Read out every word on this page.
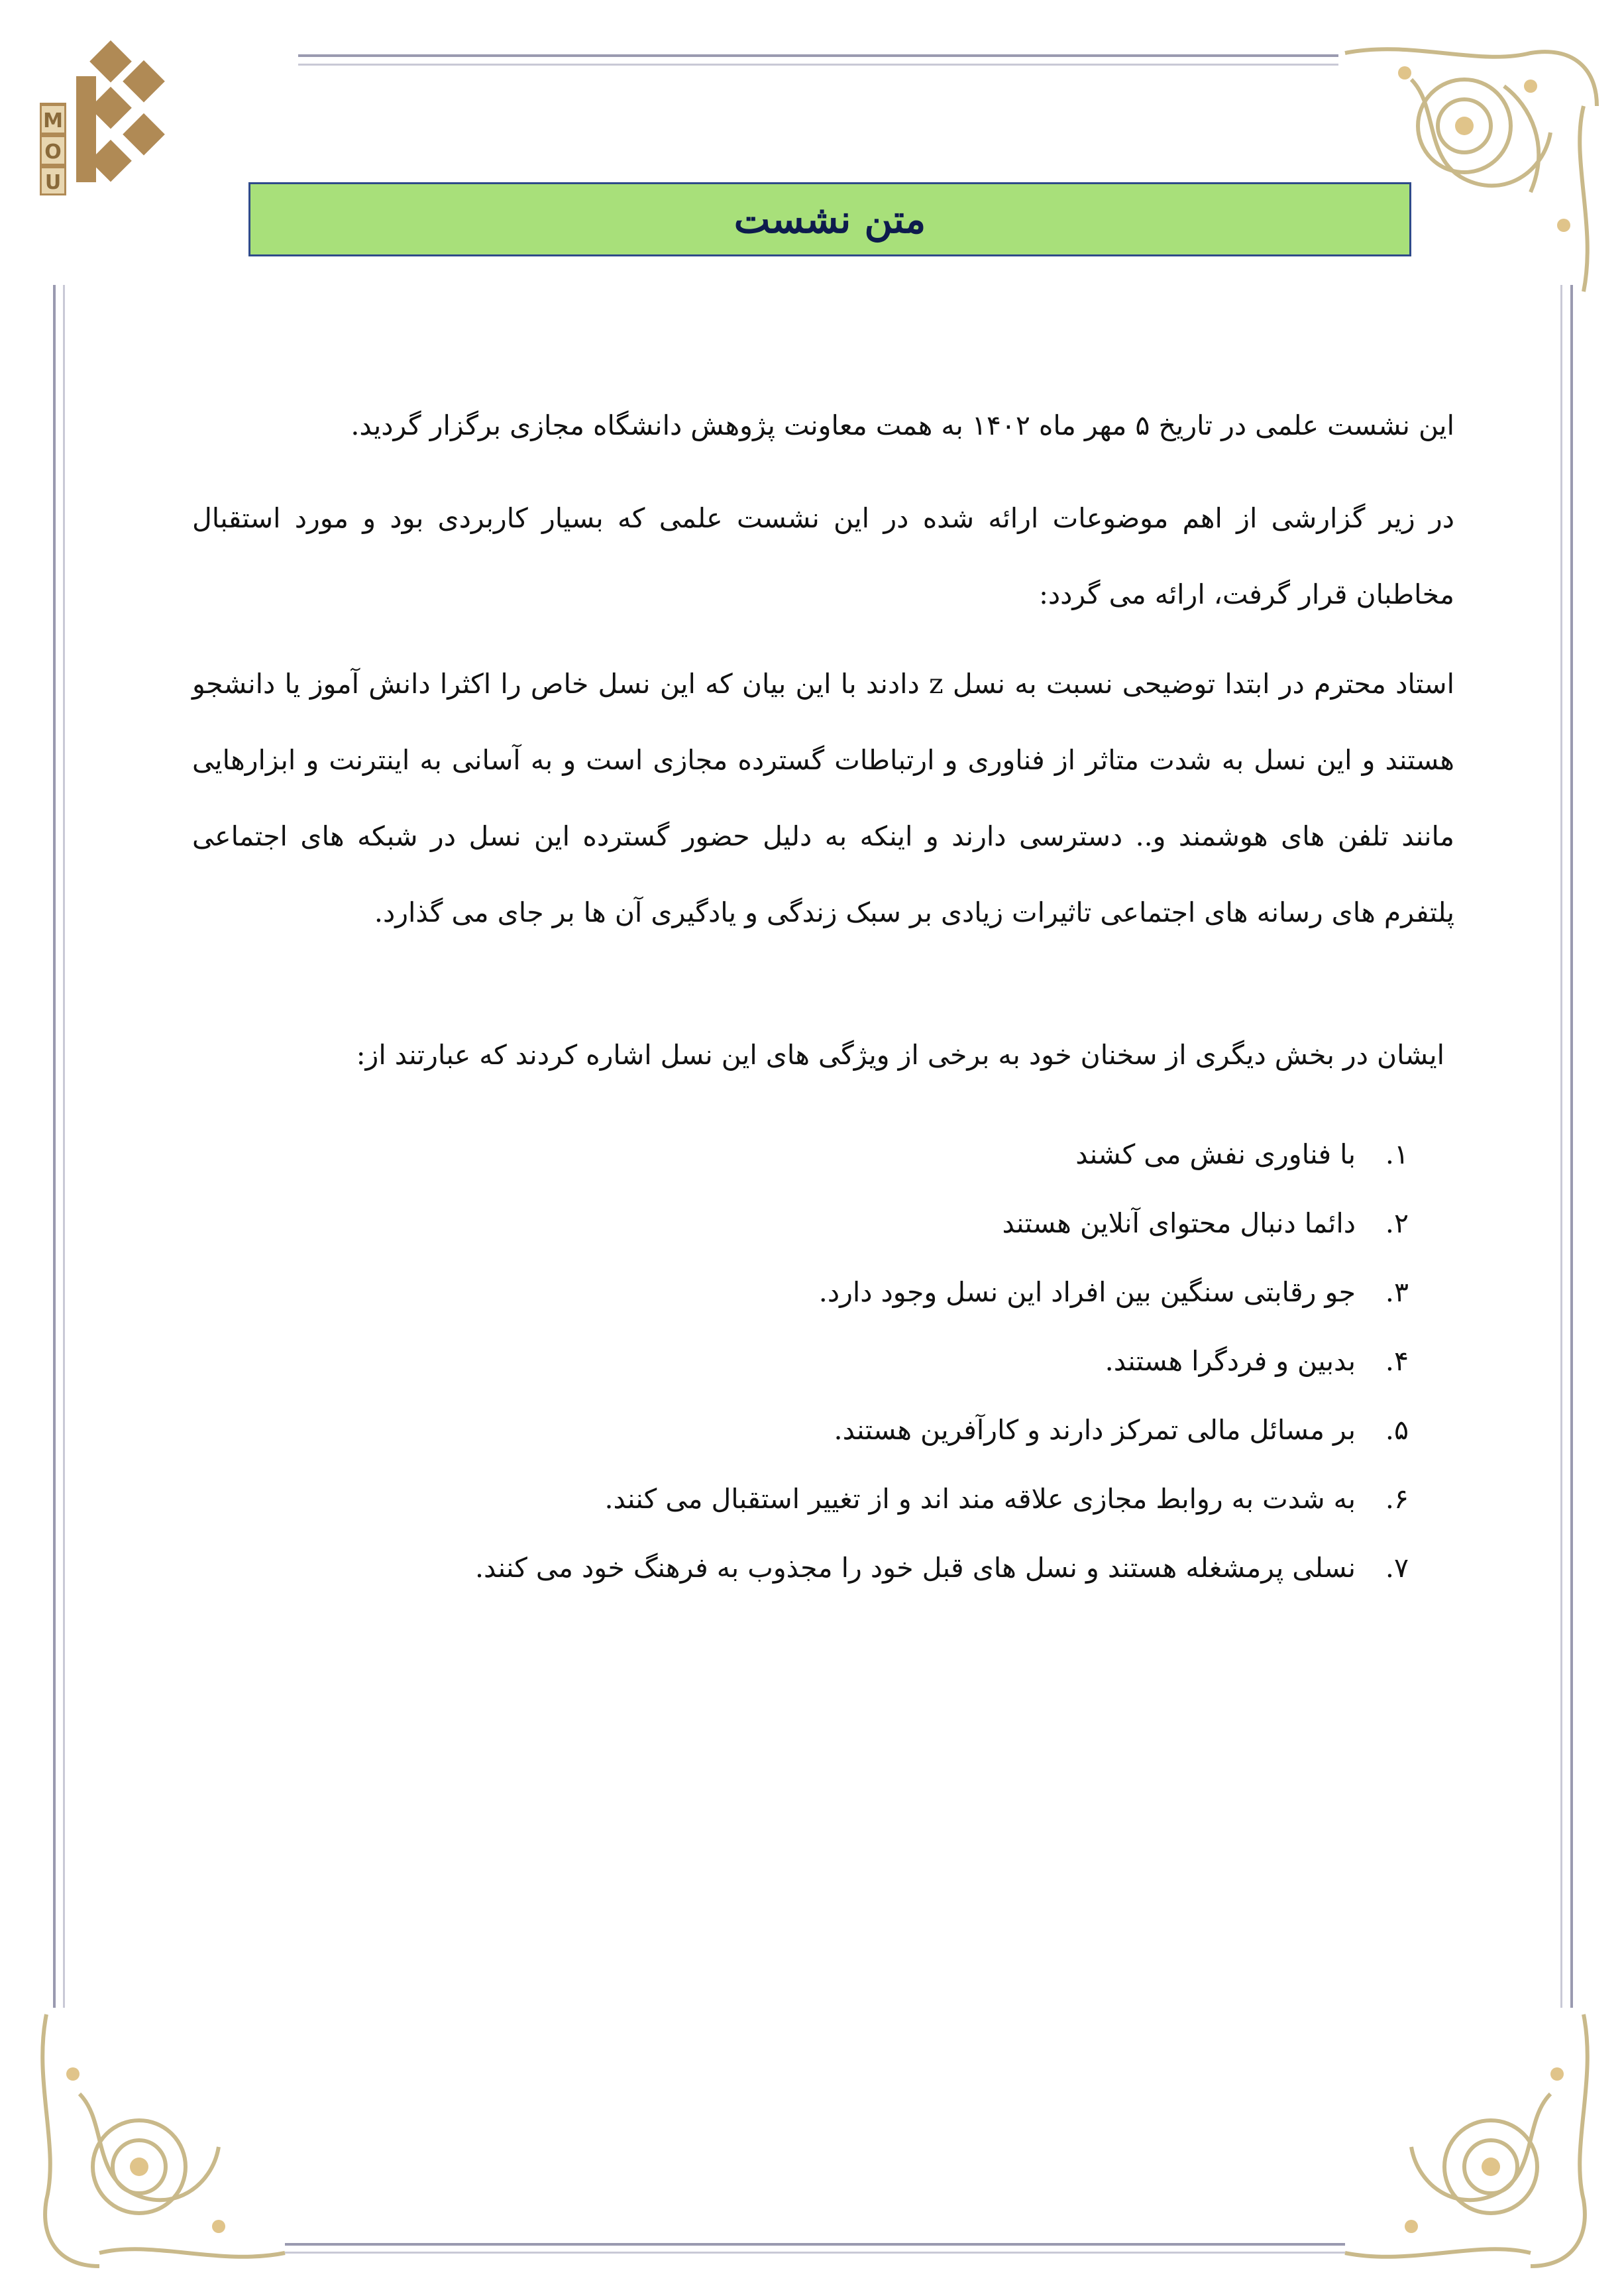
M
O
U
متن نشست
این نشست علمی در تاریخ ۵ مهر ماه ۱۴۰۲ به همت معاونت پژوهش دانشگاه مجازی برگزار گردید.
در زیر گزارشی از اهم موضوعات ارائه شده در این نشست علمی که بسیار کاربردی بود و مورد استقبال مخاطبان قرار گرفت، ارائه می گردد:
استاد محترم در ابتدا توضیحی نسبت به نسل z دادند با این بیان که این نسل خاص را اکثرا دانش آموز یا دانشجو هستند و این نسل به شدت متاثر از فناوری و ارتباطات گسترده مجازی است و به آسانی به اینترنت و ابزارهایی مانند تلفن های هوشمند و.. دسترسی دارند و اینکه به دلیل حضور گسترده این نسل در شبکه های اجتماعی پلتفرم های رسانه های اجتماعی تاثیرات زیادی بر سبک زندگی و یادگیری آن ها بر جای می گذارد.
ایشان در بخش دیگری از سخنان خود به برخی از ویژگی های این نسل اشاره کردند که عبارتند از:
۱.
با فناوری نفش می کشند
۲.
دائما دنبال محتوای آنلاین هستند
۳.
جو رقابتی سنگین بین افراد این نسل وجود دارد.
۴.
بدبین و فردگرا هستند.
۵.
بر مسائل مالی تمرکز دارند و کارآفرین هستند.
۶.
به شدت به روابط مجازی علاقه مند اند و از تغییر استقبال می کنند.
۷.
نسلی پرمشغله هستند و نسل های قبل خود را مجذوب به فرهنگ خود می کنند.
